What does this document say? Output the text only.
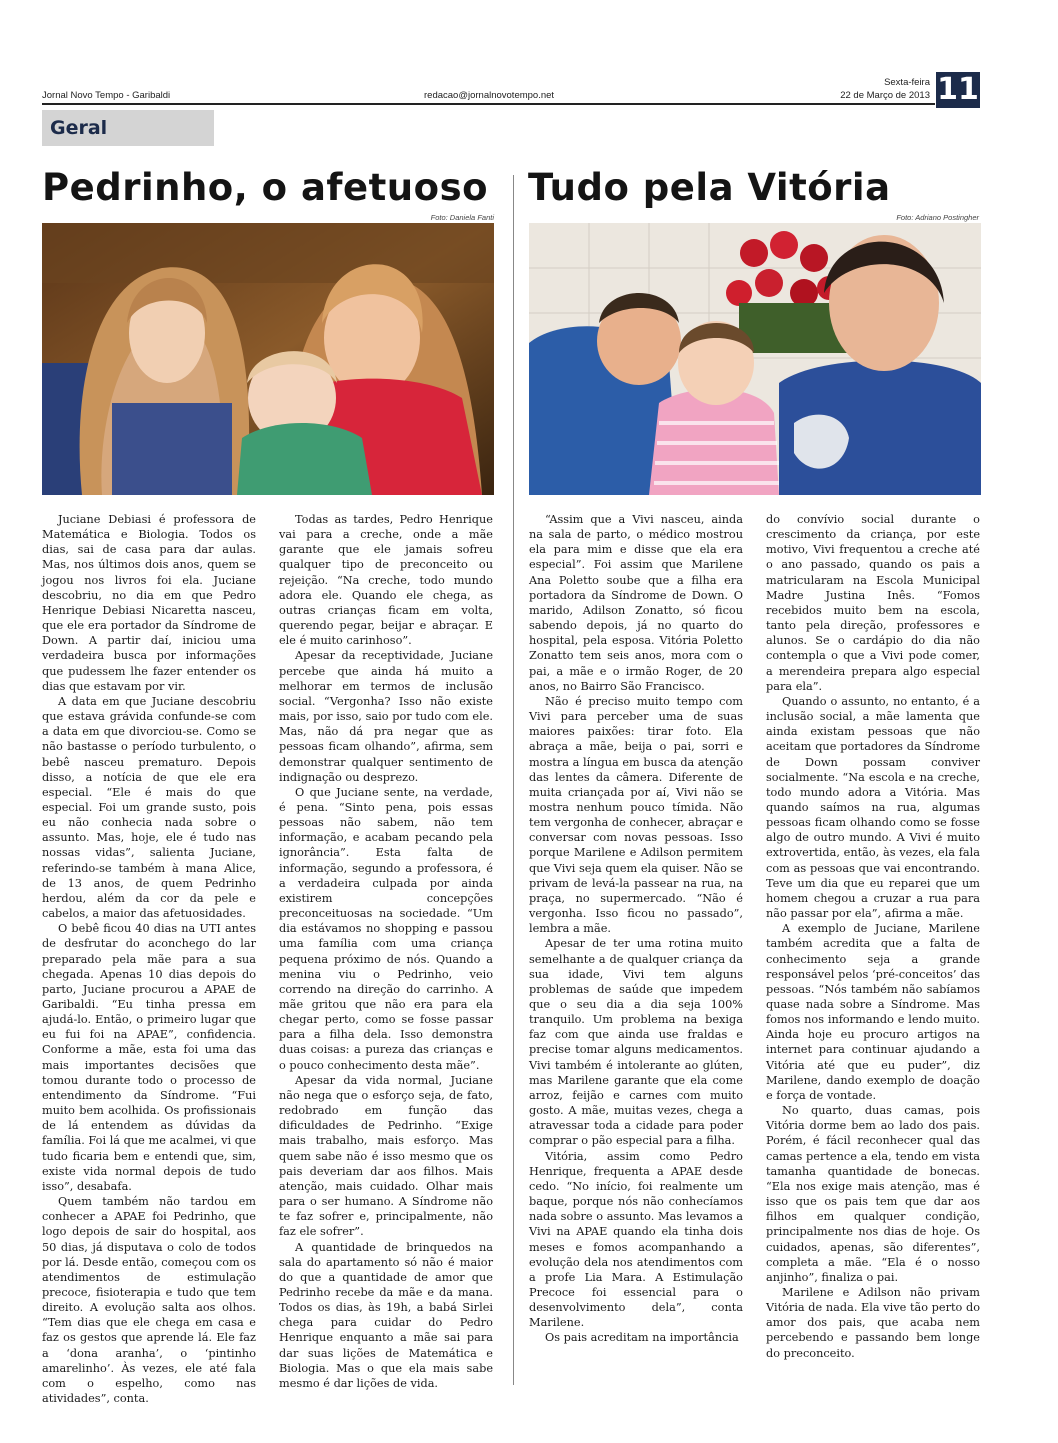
Jornal Novo Tempo - Garibaldi	redacao@jornalnovotempo.net
Sexta-feira
22 de Março de 2013 11
Geral
Pedrinho, o afetuoso Tudo pela Vitória
Foto: Daniela Fanti	Foto: Adriano Postingher

Juciane Debiasi é professora de Matemática e Biologia. Todos os dias, sai de casa para dar aulas. Mas, nos últimos dois anos, quem se jogou nos livros foi ela. Juciane descobriu, no dia em que Pedro Henrique Debiasi Nicaretta nasceu, que ele era portador da Síndrome de Down. A partir daí, iniciou uma verdadeira busca por informações que pudessem lhe fazer entender os dias que estavam por vir.

A data em que Juciane descobriu que estava grávida confunde-se com a data em que divorciou-se. Como se não bastasse o período turbulento, o bebê nasceu prematuro. Depois disso, a notícia de que ele era especial. “Ele é mais do que especial. Foi um grande susto, pois eu não conhecia nada sobre o assunto. Mas, hoje, ele é tudo nas nossas vidas”, salienta Juciane, referindo-se também à mana Alice, de 13 anos, de quem Pedrinho herdou, além da cor da pele e cabelos, a maior das afetuosidades.

O bebê ficou 40 dias na UTI antes de desfrutar do aconchego do lar preparado pela mãe para a sua chegada. Apenas 10 dias depois do parto, Juciane procurou a APAE de Garibaldi. “Eu tinha pressa em ajudá-lo. Então, o primeiro lugar que eu fui foi na APAE”, confidencia. Conforme a mãe, esta foi uma das mais importantes decisões que tomou durante todo o processo de entendimento da Síndrome. “Fui muito bem acolhida. Os profissionais de lá entendem as dúvidas da família. Foi lá que me acalmei, vi que tudo ficaria bem e entendi que, sim, existe vida normal depois de tudo isso”, desabafa.

Quem também não tardou em conhecer a APAE foi Pedrinho, que logo depois de sair do hospital, aos 50 dias, já disputava o colo de todos por lá. Desde então, começou com os atendimentos de estimulação precoce, fisioterapia e tudo que tem direito. A evolução salta aos olhos. “Tem dias que ele chega em casa e faz os gestos que aprende lá. Ele faz a ‘dona aranha’, o ‘pintinho amarelinho’. Às vezes, ele até fala com o espelho, como nas atividades”, conta.

Todas as tardes, Pedro Henrique vai para a creche, onde a mãe garante que ele jamais sofreu qualquer tipo de preconceito ou rejeição. “Na creche, todo mundo adora ele. Quando ele chega, as outras crianças ficam em volta, querendo pegar, beijar e abraçar. E ele é muito carinhoso”.

Apesar da receptividade, Juciane percebe que ainda há muito a melhorar em termos de inclusão social. “Vergonha? Isso não existe mais, por isso, saio por tudo com ele. Mas, não dá pra negar que as pessoas ficam olhando”, afirma, sem demonstrar qualquer sentimento de indignação ou desprezo.

O que Juciane sente, na verdade, é pena. “Sinto pena, pois essas pessoas não sabem, não tem informação, e acabam pecando pela ignorância”. Esta falta de informação, segundo a professora, é a verdadeira culpada por ainda existirem concepções preconceituosas na sociedade. “Um dia estávamos no shopping e passou uma família com uma criança pequena próximo de nós. Quando a menina viu o Pedrinho, veio correndo na direção do carrinho. A mãe gritou que não era para ela chegar perto, como se fosse passar para a filha dela. Isso demonstra duas coisas: a pureza das crianças e o pouco conhecimento desta mãe”.

Apesar da vida normal, Juciane não nega que o esforço seja, de fato, redobrado em função das dificuldades de Pedrinho. “Exige mais trabalho, mais esforço. Mas quem sabe não é isso mesmo que os pais deveriam dar aos filhos. Mais atenção, mais cuidado. Olhar mais para o ser humano. A Síndrome não te faz sofrer e, principalmente, não faz ele sofrer”.

A quantidade de brinquedos na sala do apartamento só não é maior do que a quantidade de amor que Pedrinho recebe da mãe e da mana. Todos os dias, às 19h, a babá Sirlei chega para cuidar do Pedro Henrique enquanto a mãe sai para dar suas lições de Matemática e Biologia. Mas o que ela mais sabe mesmo é dar lições de vida.

“Assim que a Vivi nasceu, ainda na sala de parto, o médico mostrou ela para mim e disse que ela era especial”. Foi assim que Marilene Ana Poletto soube que a filha era portadora da Síndrome de Down. O marido, Adilson Zonatto, só ficou sabendo depois, já no quarto do hospital, pela esposa. Vitória Poletto Zonatto tem seis anos, mora com o pai, a mãe e o irmão Roger, de 20 anos, no Bairro São Francisco.

Não é preciso muito tempo com Vivi para perceber uma de suas maiores paixões: tirar foto. Ela abraça a mãe, beija o pai, sorri e mostra a língua em busca da atenção das lentes da câmera. Diferente de muita criançada por aí, Vivi não se mostra nenhum pouco tímida. Não tem vergonha de conhecer, abraçar e conversar com novas pessoas. Isso porque Marilene e Adilson permitem que Vivi seja quem ela quiser. Não se privam de levá-la passear na rua, na praça, no supermercado. “Não é vergonha. Isso ficou no passado”, lembra a mãe.

Apesar de ter uma rotina muito semelhante a de qualquer criança da sua idade, Vivi tem alguns problemas de saúde que impedem que o seu dia a dia seja 100% tranquilo. Um problema na bexiga faz com que ainda use fraldas e precise tomar alguns medicamentos. Vivi também é intolerante ao glúten, mas Marilene garante que ela come arroz, feijão e carnes com muito gosto. A mãe, muitas vezes, chega a atravessar toda a cidade para poder comprar o pão especial para a filha.

Vitória, assim como Pedro Henrique, frequenta a APAE desde cedo. “No início, foi realmente um baque, porque nós não conhecíamos nada sobre o assunto. Mas levamos a Vivi na APAE quando ela tinha dois meses e fomos acompanhando a evolução dela nos atendimentos com a profe Lia Mara. A Estimulação Precoce foi essencial para o desenvolvimento dela”, conta Marilene.

Os pais acreditam na importância

do convívio social durante o crescimento da criança, por este motivo, Vivi frequentou a creche até o ano passado, quando os pais a matricularam na Escola Municipal Madre Justina Inês. “Fomos recebidos muito bem na escola, tanto pela direção, professores e alunos. Se o cardápio do dia não contempla o que a Vivi pode comer, a merendeira prepara algo especial para ela”.

Quando o assunto, no entanto, é a inclusão social, a mãe lamenta que ainda existam pessoas que não aceitam que portadores da Síndrome de Down possam conviver socialmente. “Na escola e na creche, todo mundo adora a Vitória. Mas quando saímos na rua, algumas pessoas ficam olhando como se fosse algo de outro mundo. A Vivi é muito extrovertida, então, às vezes, ela fala com as pessoas que vai encontrando. Teve um dia que eu reparei que um homem chegou a cruzar a rua para não passar por ela”, afirma a mãe.

A exemplo de Juciane, Marilene também acredita que a falta de conhecimento seja a grande responsável pelos ‘pré-conceitos’ das pessoas. “Nós também não sabíamos quase nada sobre a Síndrome. Mas fomos nos informando e lendo muito. Ainda hoje eu procuro artigos na internet para continuar ajudando a Vitória até que eu puder”, diz Marilene, dando exemplo de doação e força de vontade.

No quarto, duas camas, pois Vitória dorme bem ao lado dos pais. Porém, é fácil reconhecer qual das camas pertence a ela, tendo em vista tamanha quantidade de bonecas. “Ela nos exige mais atenção, mas é isso que os pais tem que dar aos filhos em qualquer condição, principalmente nos dias de hoje. Os cuidados, apenas, são diferentes”, completa a mãe. “Ela é o nosso anjinho”, finaliza o pai.

Marilene e Adilson não privam Vitória de nada. Ela vive tão perto do amor dos pais, que acaba nem percebendo e passando bem longe do preconceito.
